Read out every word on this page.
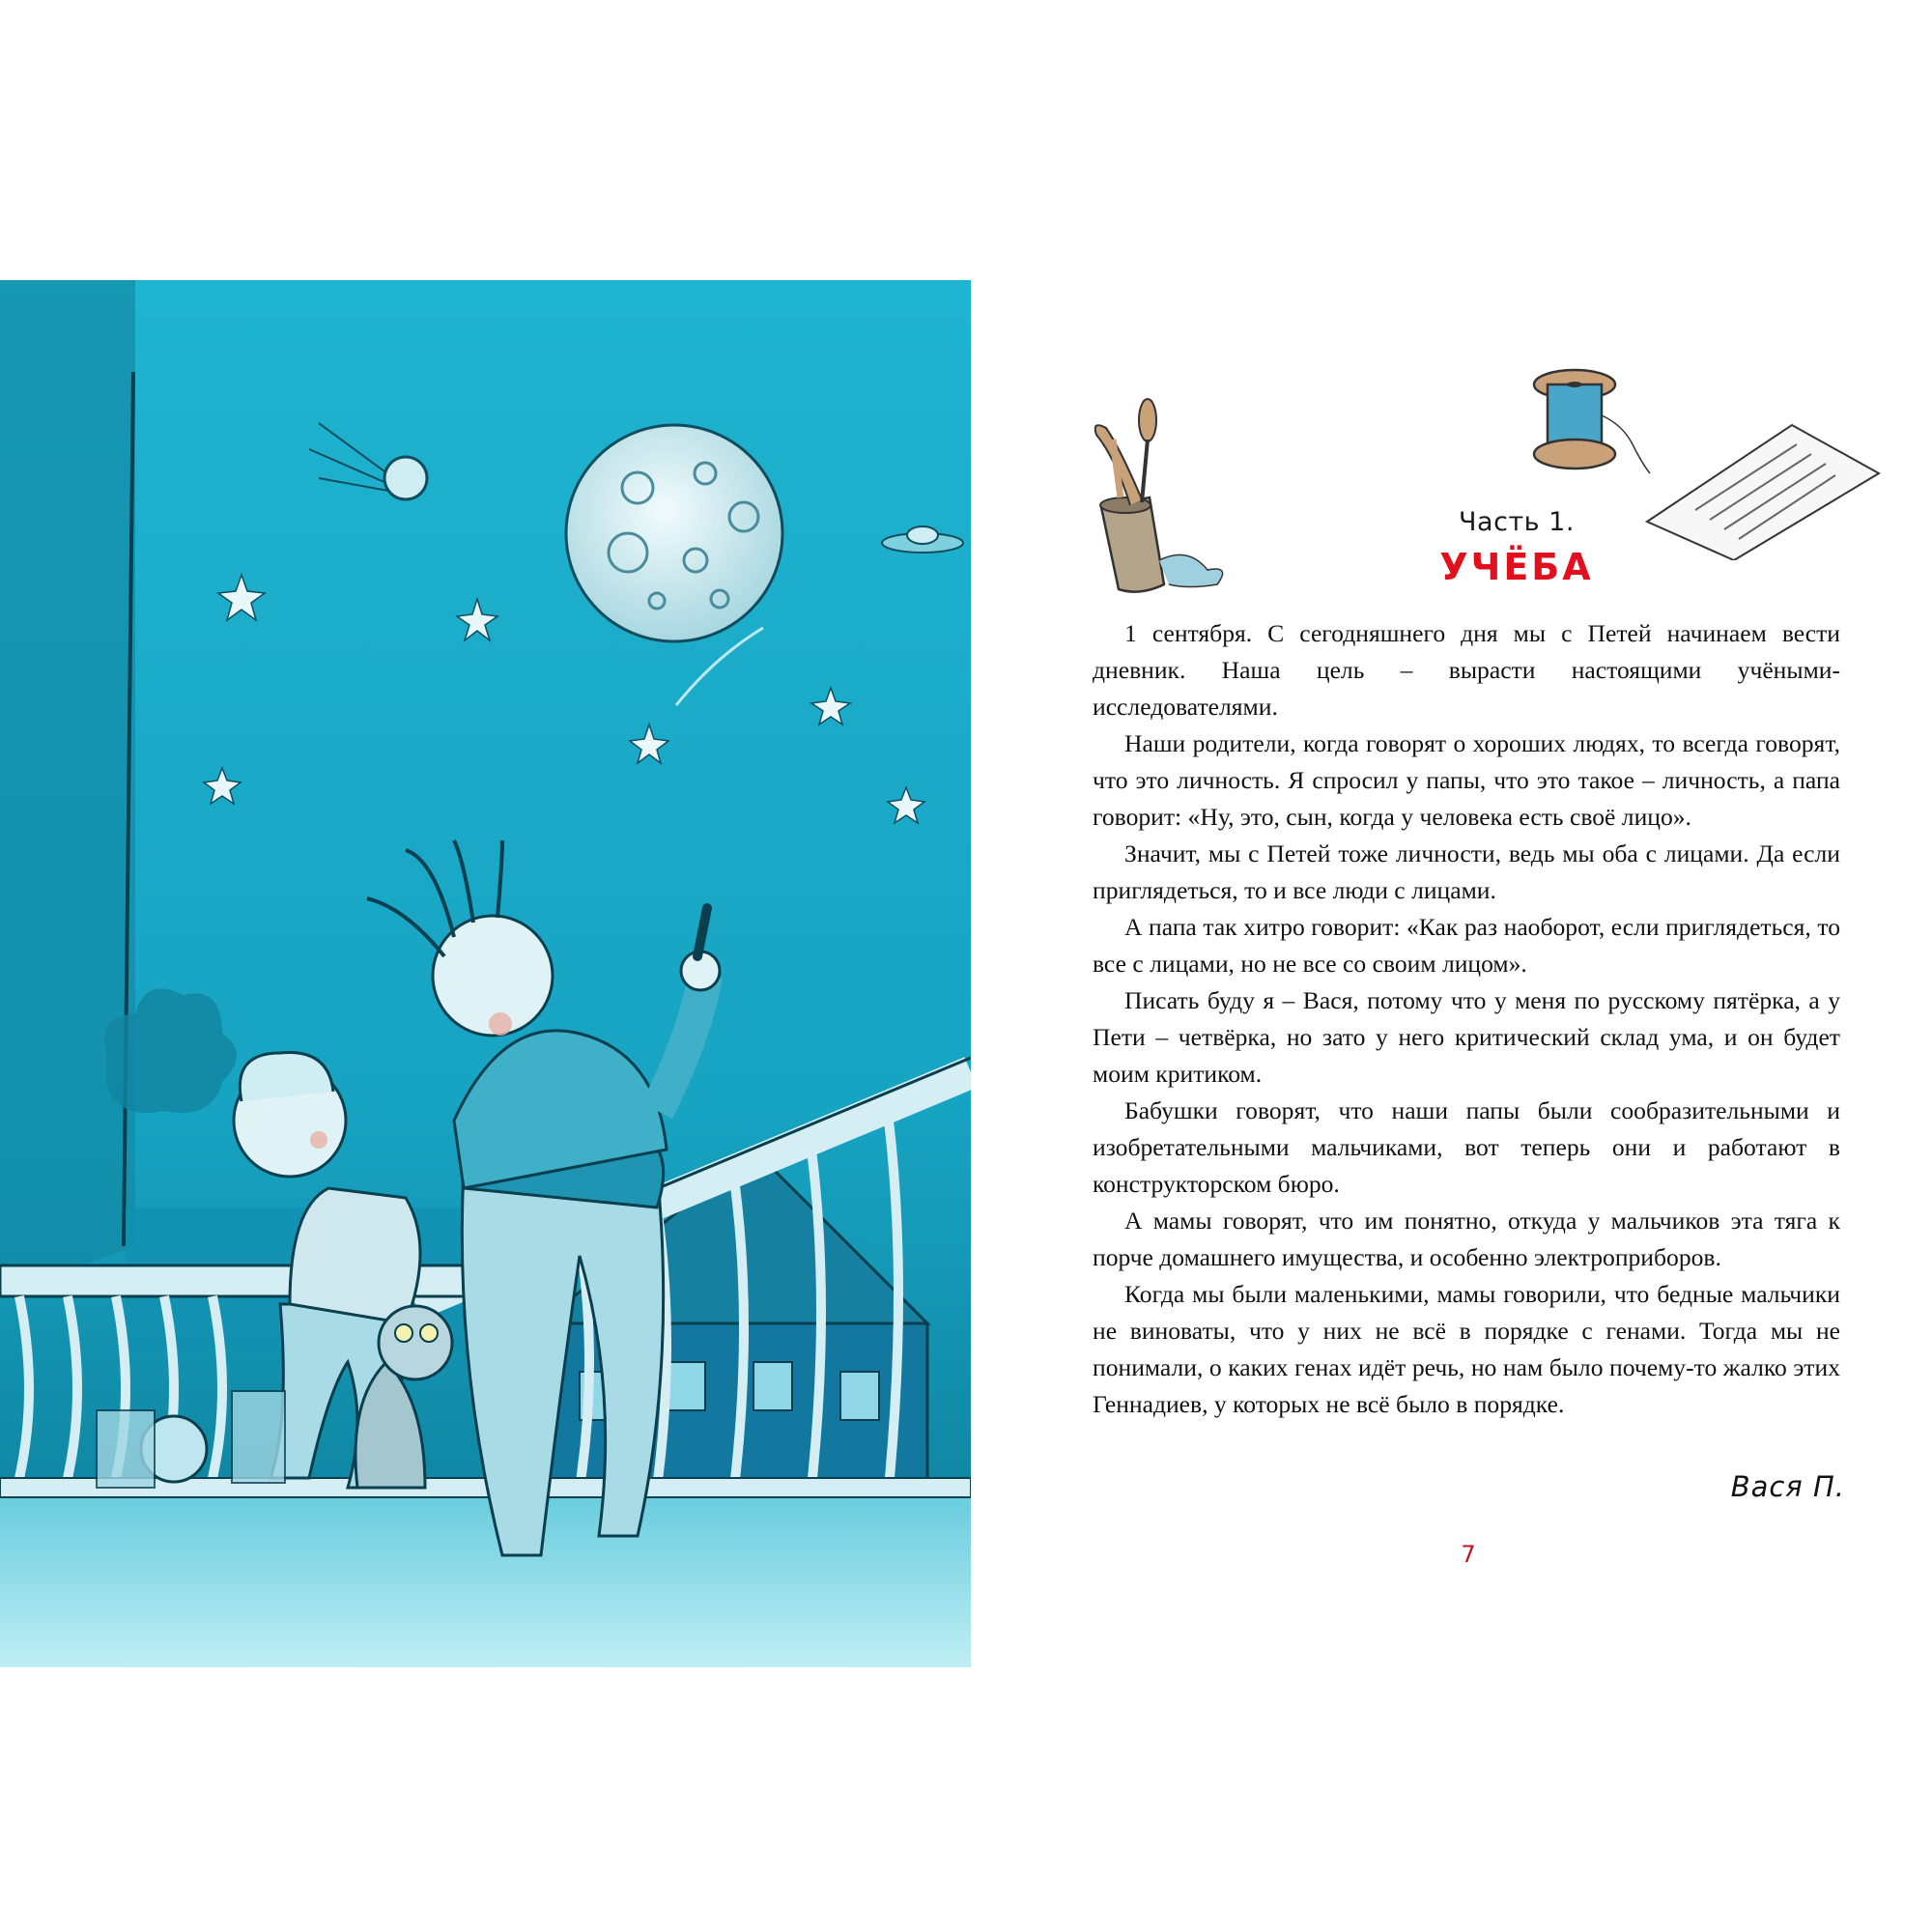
Часть 1.
УЧЁБА

1 сентября. С сегодняшнего дня мы с Петей начинаем вести дневник. Наша цель – вырасти настоящими учёными-исследователями.

Наши родители, когда говорят о хороших людях, то всегда говорят, что это личность. Я спросил у папы, что это такое – личность, а папа говорит: «Ну, это, сын, когда у человека есть своё лицо».

Значит, мы с Петей тоже личности, ведь мы оба с лицами. Да если приглядеться, то и все люди с лицами.

А папа так хитро говорит: «Как раз наоборот, если приглядеться, то все с лицами, но не все со своим лицом».

Писать буду я – Вася, потому что у меня по русскому пятёрка, а у Пети – четвёрка, но зато у него критический склад ума, и он будет моим критиком.

Бабушки говорят, что наши папы были сообразительными и изобретательными мальчиками, вот теперь они и работают в конструкторском бюро.

А мамы говорят, что им понятно, откуда у мальчиков эта тяга к порче домашнего имущества, и особенно электроприборов.

Когда мы были маленькими, мамы говорили, что бедные мальчики не виноваты, что у них не всё в порядке с генами. Тогда мы не понимали, о каких генах идёт речь, но нам было почему-то жалко этих Геннадиев, у которых не всё было в порядке.

Вася П.
7
